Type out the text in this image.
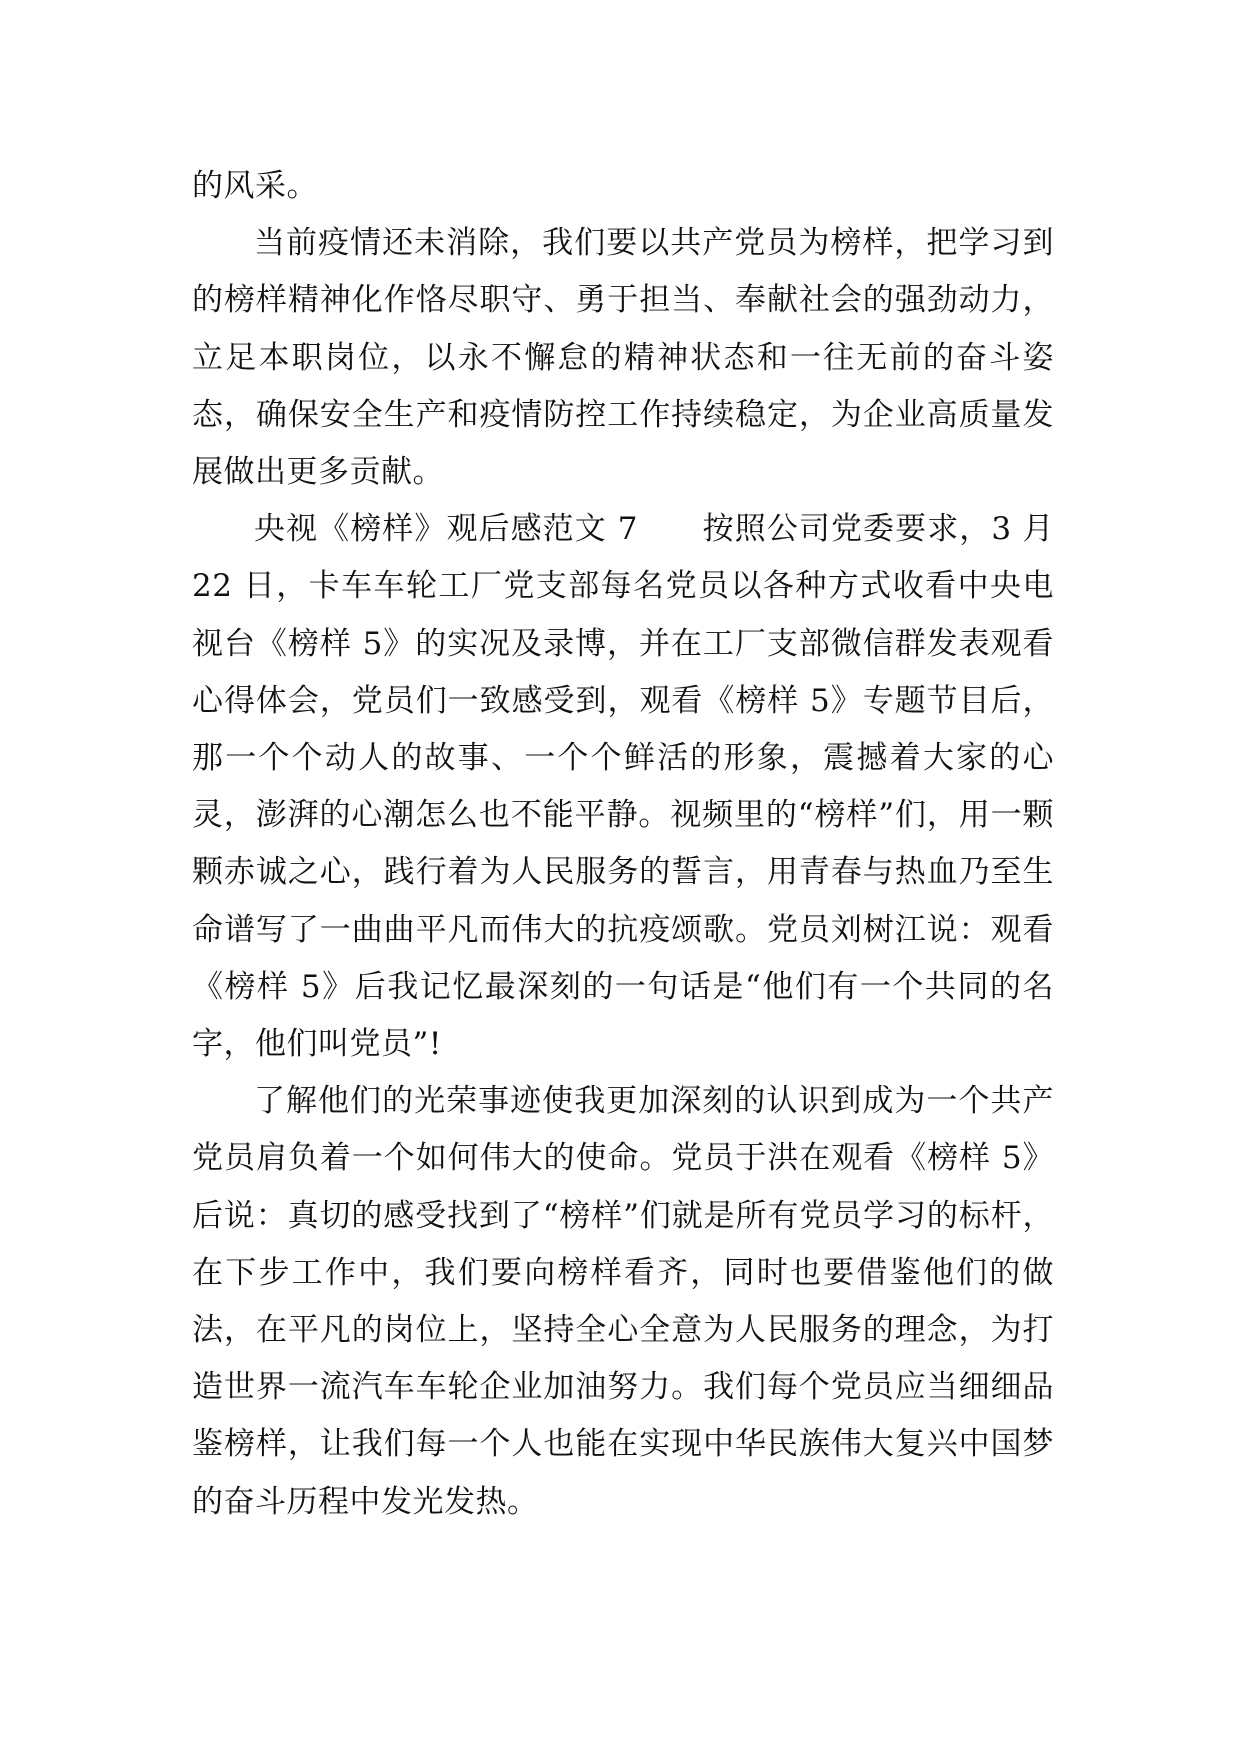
的风采。

当前疫情还未消除，我们要以共产党员为榜样，把学习到的榜样精神化作恪尽职守、勇于担当、奉献社会的强劲动力，立足本职岗位，以永不懈怠的精神状态和一往无前的奋斗姿态，确保安全生产和疫情防控工作持续稳定，为企业高质量发展做出更多贡献。

央视《榜样》观后感范文 7　　按照公司党委要求，3 月 22 日，卡车车轮工厂党支部每名党员以各种方式收看中央电视台《榜样 5》的实况及录博，并在工厂支部微信群发表观看心得体会，党员们一致感受到，观看《榜样 5》专题节目后，那一个个动人的故事、一个个鲜活的形象，震撼着大家的心灵，澎湃的心潮怎么也不能平静。视频里的“榜样”们，用一颗颗赤诚之心，践行着为人民服务的誓言，用青春与热血乃至生命谱写了一曲曲平凡而伟大的抗疫颂歌。党员刘树江说：观看《榜样 5》后我记忆最深刻的一句话是“他们有一个共同的名字，他们叫党员”!

了解他们的光荣事迹使我更加深刻的认识到成为一个共产党员肩负着一个如何伟大的使命。党员于洪在观看《榜样 5》后说：真切的感受找到了“榜样”们就是所有党员学习的标杆，在下步工作中，我们要向榜样看齐，同时也要借鉴他们的做法，在平凡的岗位上，坚持全心全意为人民服务的理念，为打造世界一流汽车车轮企业加油努力。我们每个党员应当细细品鉴榜样，让我们每一个人也能在实现中华民族伟大复兴中国梦的奋斗历程中发光发热。
